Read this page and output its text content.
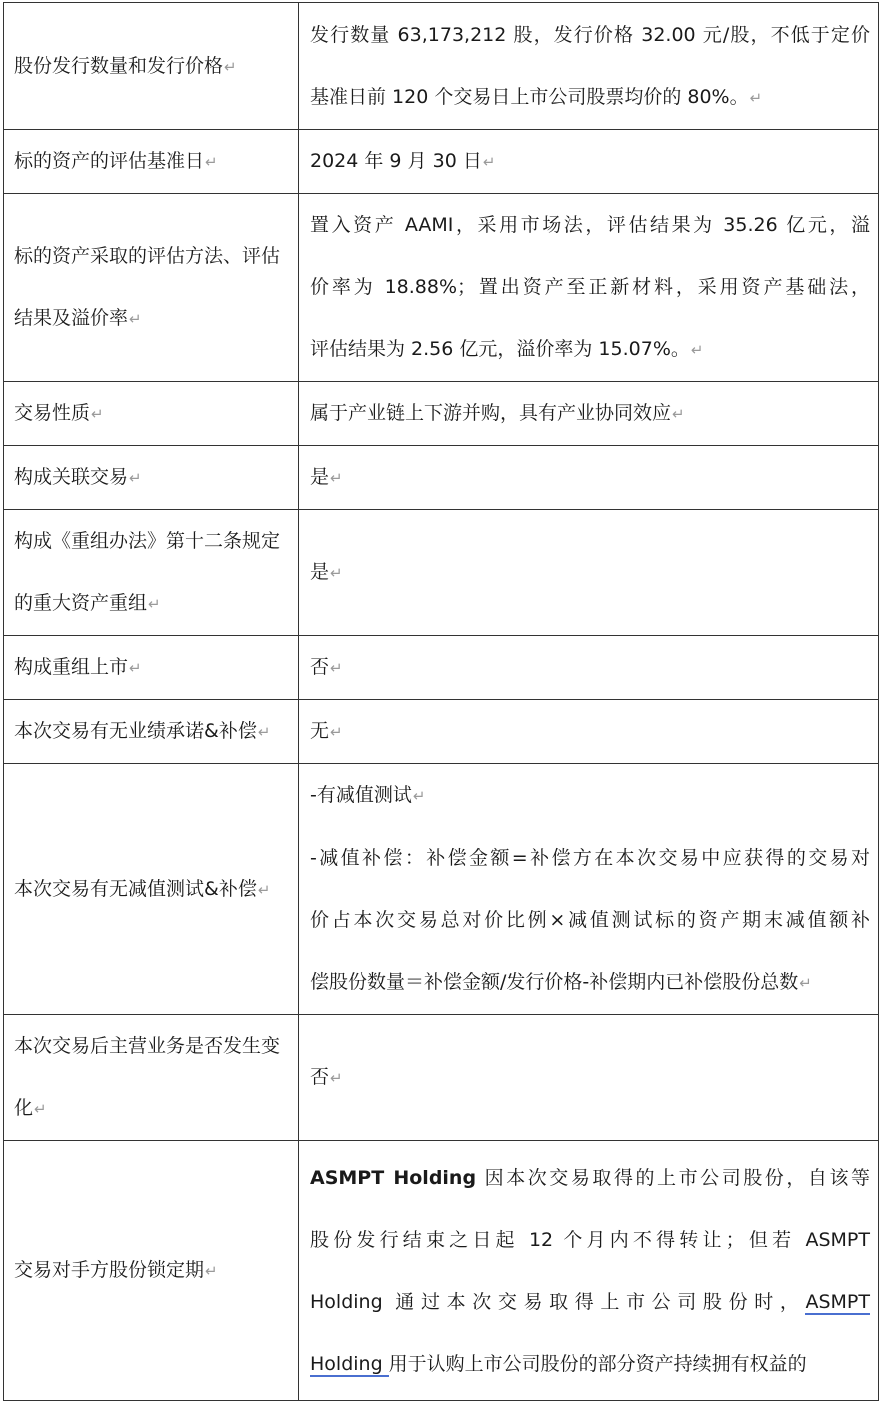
股份发行数量和发行价格↵	发行数量 63,173,212 股，发行价格 32.00 元/股，不低于定价
基准日前 120 个交易日上市公司股票均价的 80%。↵

标的资产的评估基准日↵	2024 年 9 月 30 日↵
标的资产采取的评估方法、评估结果及溢价率↵	置入资产 AAMI，采用市场法，评估结果为 35.26 亿元，溢
价率为 18.88%；置出资产至正新材料，采用资产基础法，
评估结果为 2.56 亿元，溢价率为 15.07%。↵

交易性质↵	属于产业链上下游并购，具有产业协同效应↵
构成关联交易↵	是↵
构成《重组办法》第十二条规定的重大资产重组↵	是↵
构成重组上市↵	否↵
本次交易有无业绩承诺&补偿↵	无↵
本次交易有无减值测试&补偿↵	-有减值测试↵
-减值补偿：补偿金额=补偿方在本次交易中应获得的交易对
价占本次交易总对价比例×减值测试标的资产期末减值额补
偿股份数量＝补偿金额/发行价格-补偿期内已补偿股份总数↵

本次交易后主营业务是否发生变化↵	否↵
交易对手方股份锁定期↵	ASMPT Holding 因本次交易取得的上市公司股份，自该等
股份发行结束之日起 12 个月内不得转让；但若 ASMPT
Holding 通过本次交易取得上市公司股份时，ASMPT
Holding 用于认购上市公司股份的部分资产持续拥有权益的
